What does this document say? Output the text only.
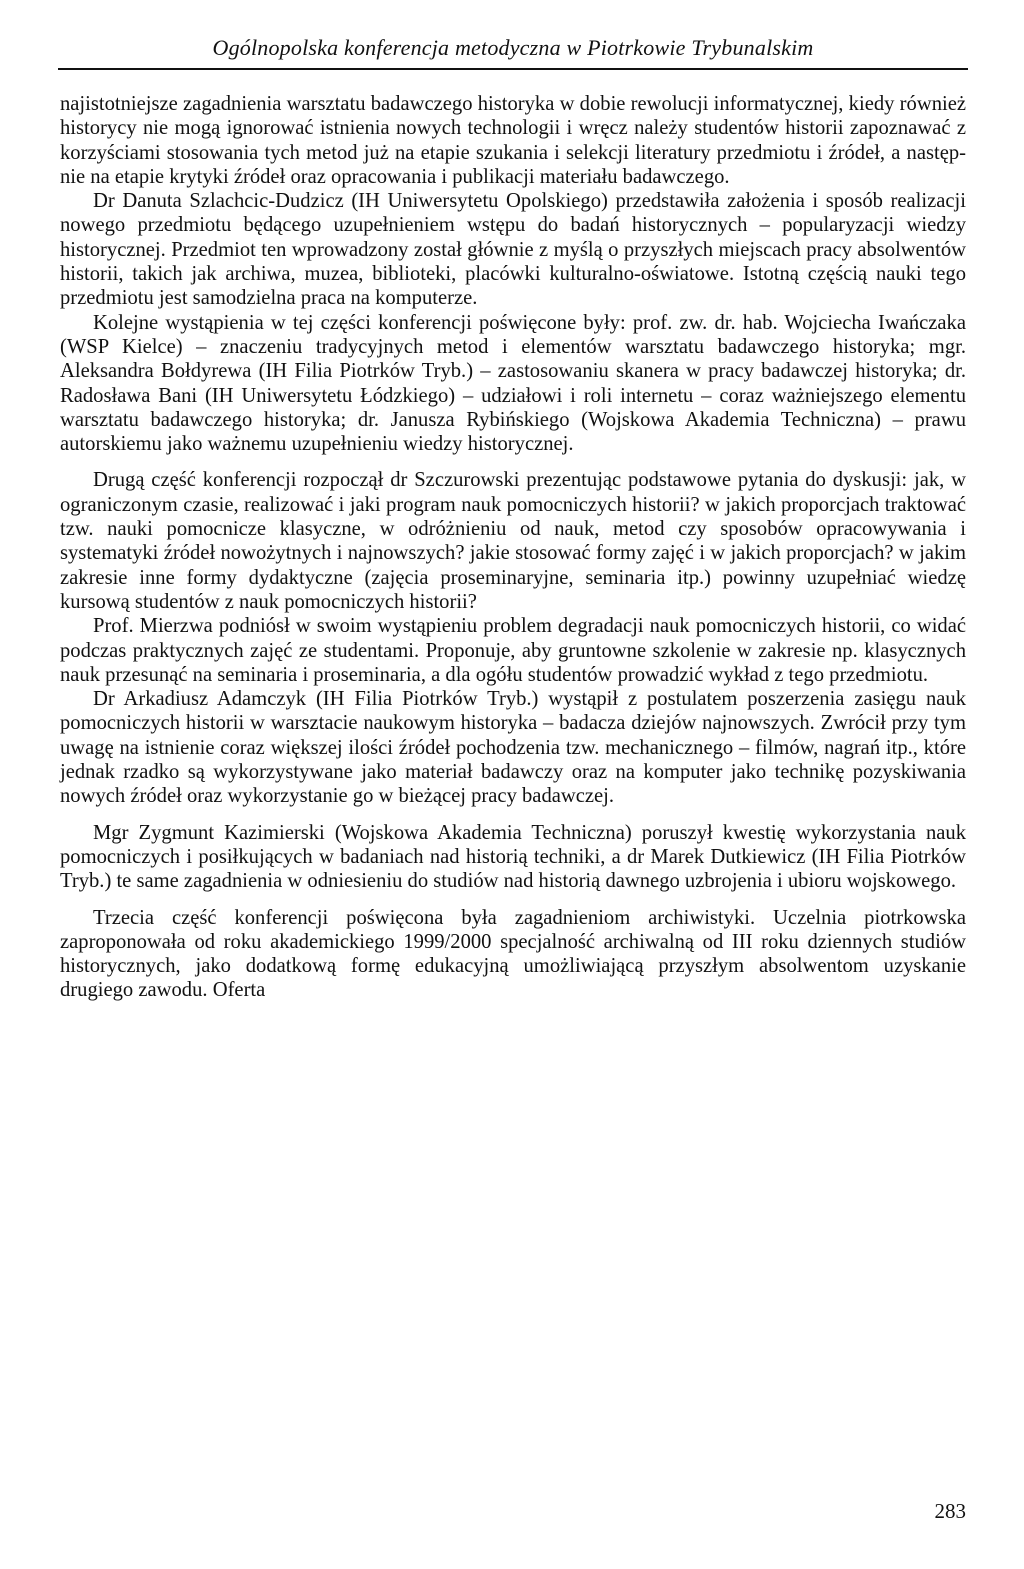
Ogólnopolska konferencja metodyczna w Piotrkowie Trybunalskim

najistotniejsze zagadnienia warsztatu badawczego historyka w dobie rewolucji informatycznej, kiedy również historycy nie mogą ignorować istnienia nowych technologii i wręcz należy studentów historii zapoznawać z korzyściami stosowania tych metod już na etapie szukania i selekcji literatury przedmiotu i źródeł, a następnie na etapie krytyki źródeł oraz opracowania i publikacji materiału badawczego.

Dr Danuta Szlachcic-Dudzicz (IH Uniwersytetu Opolskiego) przedstawiła założenia i sposób realizacji nowego przedmiotu będącego uzupełnieniem wstępu do badań historycznych – popularyzacji wiedzy historycznej. Przedmiot ten wprowadzony został głównie z myślą o przyszłych miejscach pracy absolwentów historii, takich jak archiwa, muzea, biblioteki, placówki kulturalno-oświatowe. Istotną częścią nauki tego przedmiotu jest samodzielna praca na komputerze.

Kolejne wystąpienia w tej części konferencji poświęcone były: prof. zw. dr. hab. Wojciecha Iwańczaka (WSP Kielce) – znaczeniu tradycyjnych metod i elementów warsztatu badawczego historyka; mgr. Aleksandra Bołdyrewa (IH Filia Piotrków Tryb.) – zastosowaniu skanera w pracy badawczej historyka; dr. Radosława Bani (IH Uniwersytetu Łódzkiego) – udziałowi i roli internetu – coraz ważniejszego elementu warsztatu badawczego historyka; dr. Janusza Rybińskiego (Wojskowa Akademia Techniczna) – prawu autorskiemu jako ważnemu uzupełnieniu wiedzy historycznej.

Drugą część konferencji rozpoczął dr Szczurowski prezentując podstawowe pytania do dyskusji: jak, w ograniczonym czasie, realizować i jaki program nauk pomocniczych historii? w jakich proporcjach traktować tzw. nauki pomocnicze klasyczne, w odróżnieniu od nauk, metod czy sposobów opracowywania i systematyki źródeł nowożytnych i najnowszych? jakie stosować formy zajęć i w jakich proporcjach? w jakim zakresie inne formy dydaktyczne (zajęcia proseminaryjne, seminaria itp.) powinny uzupełniać wiedzę kursową studentów z nauk pomocniczych historii?

Prof. Mierzwa podniósł w swoim wystąpieniu problem degradacji nauk pomocniczych historii, co widać podczas praktycznych zajęć ze studentami. Proponuje, aby gruntowne szkolenie w zakresie np. klasycznych nauk przesunąć na seminaria i proseminaria, a dla ogółu studentów prowadzić wykład z tego przedmiotu.

Dr Arkadiusz Adamczyk (IH Filia Piotrków Tryb.) wystąpił z postulatem poszerzenia zasięgu nauk pomocniczych historii w warsztacie naukowym historyka – badacza dziejów najnowszych. Zwrócił przy tym uwagę na istnienie coraz większej ilości źródeł pochodzenia tzw. mechanicznego – filmów, nagrań itp., które jednak rzadko są wykorzystywane jako materiał badawczy oraz na komputer jako technikę pozyskiwania nowych źródeł oraz wykorzystanie go w bieżącej pracy badawczej.

Mgr Zygmunt Kazimierski (Wojskowa Akademia Techniczna) poruszył kwestię wykorzystania nauk pomocniczych i posiłkujących w badaniach nad historią techniki, a dr Marek Dutkiewicz (IH Filia Piotrków Tryb.) te same zagadnienia w odniesieniu do studiów nad historią dawnego uzbrojenia i ubioru wojskowego.

Trzecia część konferencji poświęcona była zagadnieniom archiwistyki. Uczelnia piotrkowska zaproponowała od roku akademickiego 1999/2000 specjalność archiwalną od III roku dziennych studiów historycznych, jako dodatkową formę edukacyjną umożliwiającą przyszłym absolwentom uzyskanie drugiego zawodu. Oferta

283
